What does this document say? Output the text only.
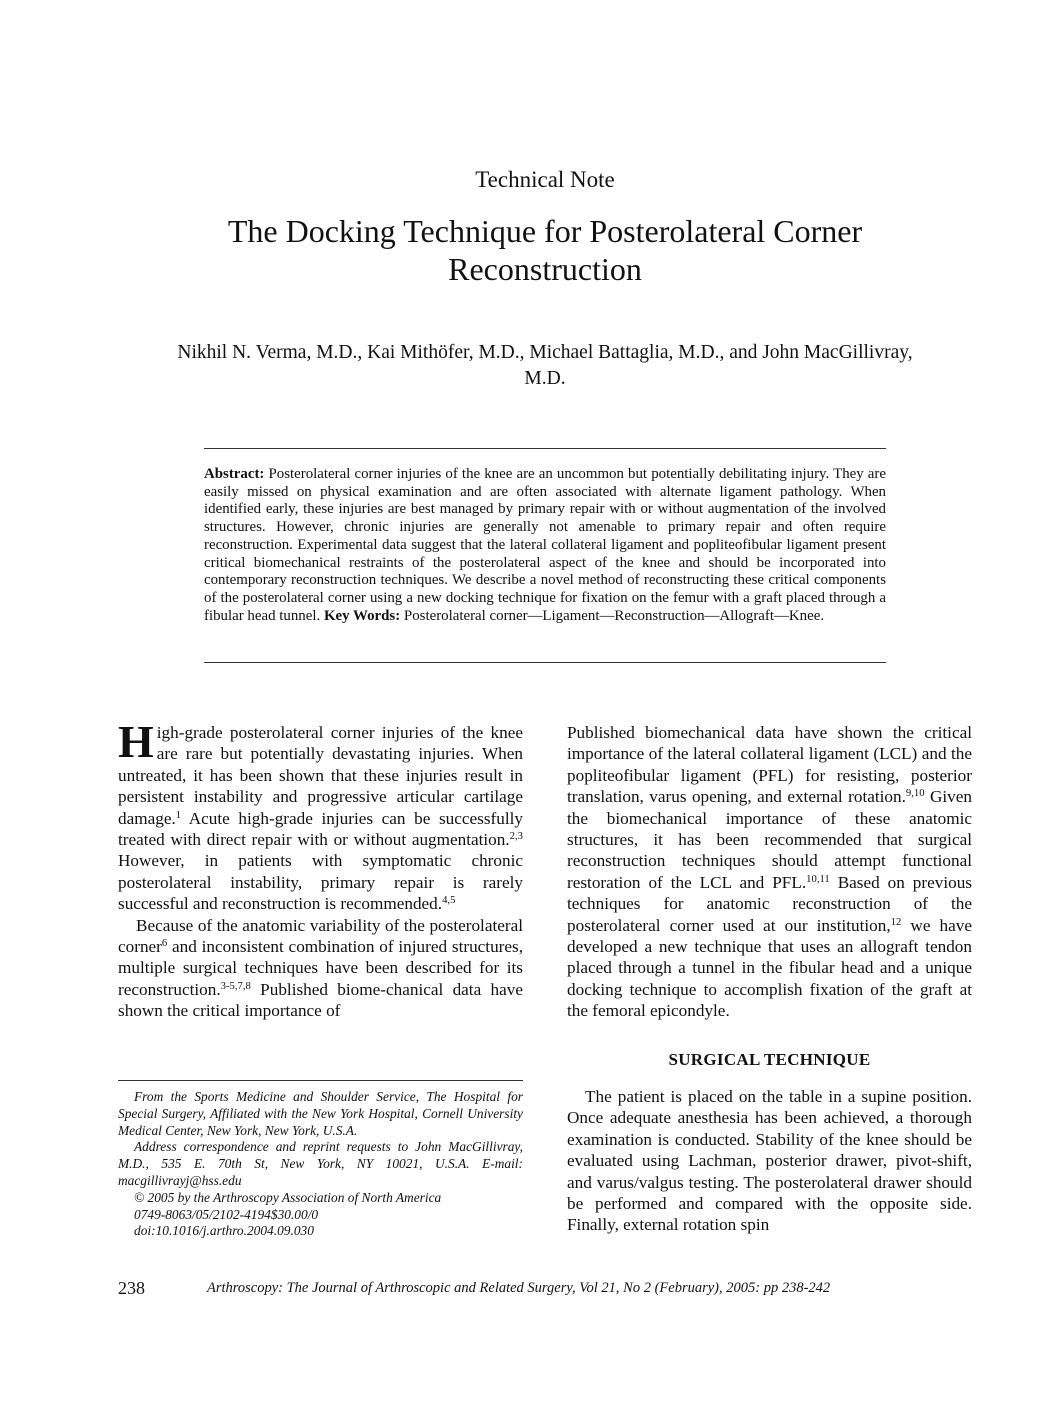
Technical Note
The Docking Technique for Posterolateral Corner Reconstruction
Nikhil N. Verma, M.D., Kai Mithöfer, M.D., Michael Battaglia, M.D., and John MacGillivray, M.D.
Abstract: Posterolateral corner injuries of the knee are an uncommon but potentially debilitating injury. They are easily missed on physical examination and are often associated with alternate ligament pathology. When identified early, these injuries are best managed by primary repair with or without augmentation of the involved structures. However, chronic injuries are generally not amenable to primary repair and often require reconstruction. Experimental data suggest that the lateral collateral ligament and popliteofibular ligament present critical biomechanical restraints of the posterolateral aspect of the knee and should be incorporated into contemporary reconstruction techniques. We describe a novel method of reconstructing these critical components of the posterolateral corner using a new docking technique for fixation on the femur with a graft placed through a fibular head tunnel. Key Words: Posterolateral corner—Ligament—Reconstruction—Allograft—Knee.

High-grade posterolateral corner injuries of the knee are rare but potentially devastating injuries. When untreated, it has been shown that these injuries result in persistent instability and progressive articular cartilage damage.$^1$ Acute high-grade injuries can be successfully treated with direct repair with or without augmentation.$^{2,3}$ However, in patients with symptomatic chronic posterolateral instability, primary repair is rarely successful and reconstruction is recommended.$^{4,5}$

Because of the anatomic variability of the posterolateral corner$^6$ and inconsistent combination of injured structures, multiple surgical techniques have been described for its reconstruction.$^{3-5,7,8}$ Published biome-chanical data have shown the critical importance of

Published biomechanical data have shown the critical importance of the lateral collateral ligament (LCL) and the popliteofibular ligament (PFL) for resisting, posterior translation, varus opening, and external rotation.$^{9,10}$ Given the biomechanical importance of these anatomic structures, it has been recommended that surgical reconstruction techniques should attempt functional restoration of the LCL and PFL.$^{10,11}$ Based on previous techniques for anatomic reconstruction of the posterolateral corner used at our institution,$^{12}$ we have developed a new technique that uses an allograft tendon placed through a tunnel in the fibular head and a unique docking technique to accomplish fixation of the graft at the femoral epicondyle.

SURGICAL TECHNIQUE

The patient is placed on the table in a supine position. Once adequate anesthesia has been achieved, a thorough examination is conducted. Stability of the knee should be evaluated using Lachman, posterior drawer, pivot-shift, and varus/valgus testing. The posterolateral drawer should be performed and compared with the opposite side. Finally, external rotation spin

From the Sports Medicine and Shoulder Service, The Hospital for Special Surgery, Affiliated with the New York Hospital, Cornell University Medical Center, New York, New York, U.S.A.

Address correspondence and reprint requests to John MacGillivray, M.D., 535 E. 70th St, New York, NY 10021, U.S.A. E-mail: macgillivrayj@hss.edu

© 2005 by the Arthroscopy Association of North America

0749-8063/05/2102-4194$30.00/0

doi:10.1016/j.arthro.2004.09.030

238	Arthroscopy: The Journal of Arthroscopic and Related Surgery, Vol 21, No 2 (February), 2005: pp 238-242
